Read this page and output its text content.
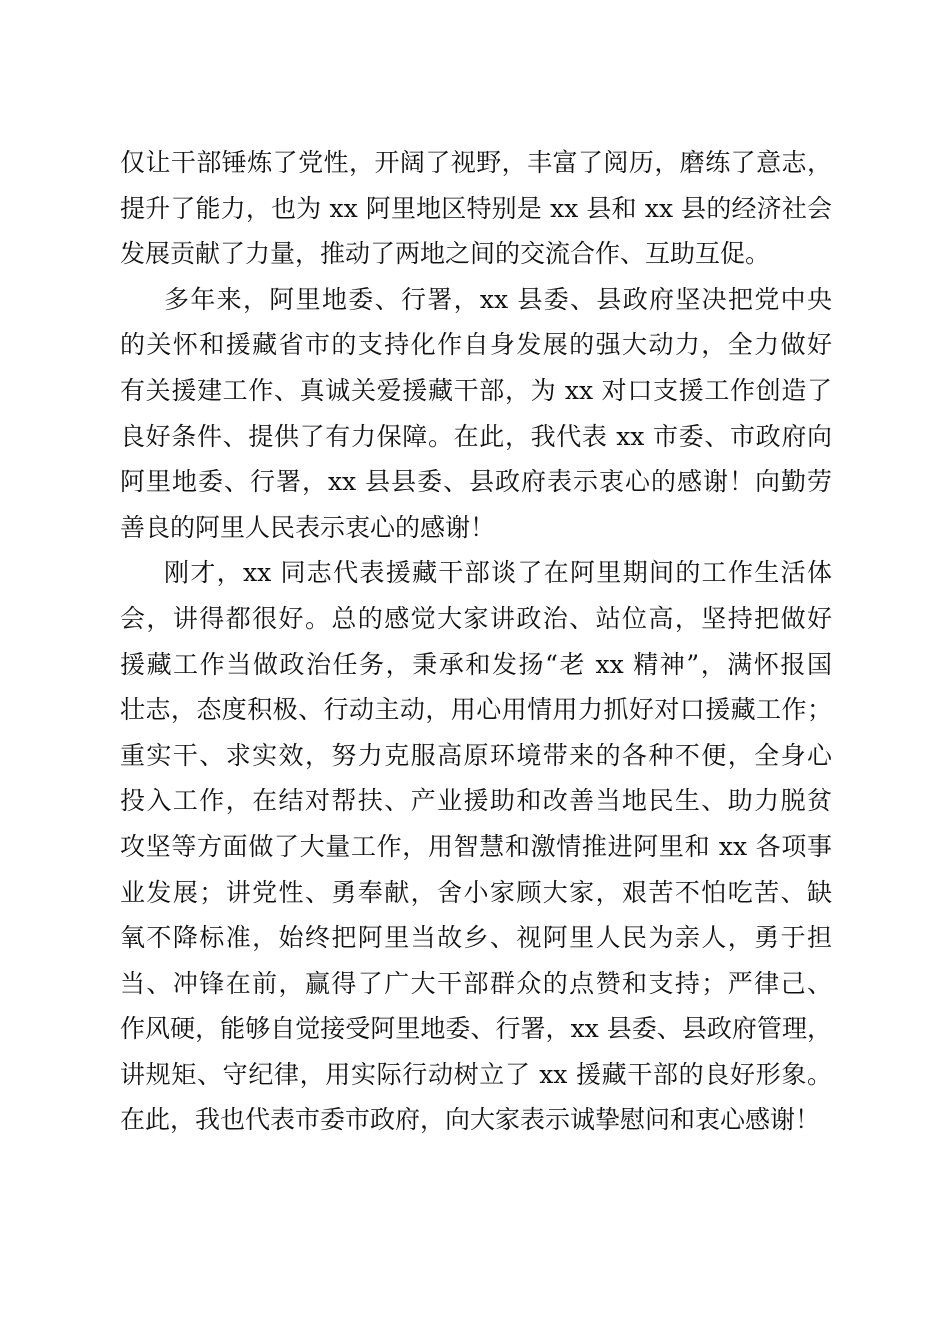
仅让干部锤炼了党性，开阔了视野，丰富了阅历，磨练了意志，
提升了能力，也为 xx 阿里地区特别是 xx 县和 xx 县的经济社会
发展贡献了力量，推动了两地之间的交流合作、互助互促。
多年来，阿里地委、行署，xx 县委、县政府坚决把党中央
的关怀和援藏省市的支持化作自身发展的强大动力，全力做好
有关援建工作、真诚关爱援藏干部，为 xx 对口支援工作创造了
良好条件、提供了有力保障。在此，我代表 xx 市委、市政府向
阿里地委、行署，xx 县县委、县政府表示衷心的感谢！向勤劳
善良的阿里人民表示衷心的感谢！
刚才，xx 同志代表援藏干部谈了在阿里期间的工作生活体
会，讲得都很好。总的感觉大家讲政治、站位高，坚持把做好
援藏工作当做政治任务，秉承和发扬“老 xx 精神”，满怀报国
壮志，态度积极、行动主动，用心用情用力抓好对口援藏工作；
重实干、求实效，努力克服高原环境带来的各种不便，全身心
投入工作，在结对帮扶、产业援助和改善当地民生、助力脱贫
攻坚等方面做了大量工作，用智慧和激情推进阿里和 xx 各项事
业发展；讲党性、勇奉献，舍小家顾大家，艰苦不怕吃苦、缺
氧不降标准，始终把阿里当故乡、视阿里人民为亲人，勇于担
当、冲锋在前，赢得了广大干部群众的点赞和支持；严律己、
作风硬，能够自觉接受阿里地委、行署，xx 县委、县政府管理，
讲规矩、守纪律，用实际行动树立了 xx 援藏干部的良好形象。
在此，我也代表市委市政府，向大家表示诚挚慰问和衷心感谢！
